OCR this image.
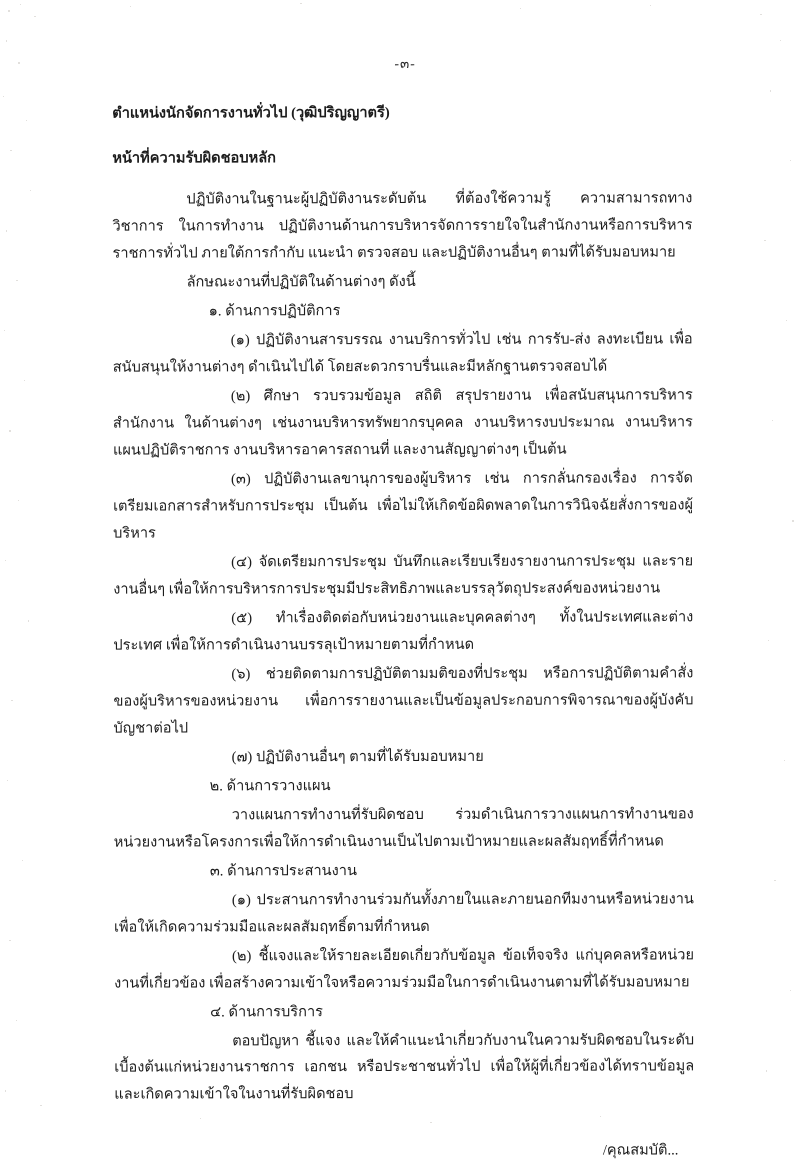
-๓-
ตำแหน่งนักจัดการงานทั่วไป (วุฒิปริญญาตรี)
หน้าที่ความรับผิดชอบหลัก

ปฏิบัติงานในฐานะผู้ปฏิบัติงานระดับต้น ที่ต้องใช้ความรู้ ความสามารถทางวิชาการ ในการทำงาน ปฏิบัติงานด้านการบริหารจัดการรายใจในสำนักงานหรือการบริหารราชการทั่วไป ภายใต้การกำกับ แนะนำ ตรวจสอบ และปฏิบัติงานอื่นๆ ตามที่ได้รับมอบหมาย

ลักษณะงานที่ปฏิบัติในด้านต่างๆ ดังนี้

๑. ด้านการปฏิบัติการ

(๑) ปฏิบัติงานสารบรรณ งานบริการทั่วไป เช่น การรับ-ส่ง ลงทะเบียน เพื่อสนับสนุนให้งานต่างๆ ดำเนินไปได้ โดยสะดวกราบรื่นและมีหลักฐานตรวจสอบได้

(๒) ศึกษา รวบรวมข้อมูล สถิติ สรุปรายงาน เพื่อสนับสนุนการบริหารสำนักงาน ในด้านต่างๆ เช่นงานบริหารทรัพยากรบุคคล งานบริหารงบประมาณ งานบริหารแผนปฏิบัติราชการ งานบริหารอาคารสถานที่ และงานสัญญาต่างๆ เป็นต้น

(๓) ปฏิบัติงานเลขานุการของผู้บริหาร เช่น การกลั่นกรองเรื่อง การจัดเตรียมเอกสารสำหรับการประชุม เป็นต้น เพื่อไม่ให้เกิดข้อผิดพลาดในการวินิจฉัยสั่งการของผู้บริหาร

(๔) จัดเตรียมการประชุม บันทึกและเรียบเรียงรายงานการประชุม และรายงานอื่นๆ เพื่อให้การบริหารการประชุมมีประสิทธิภาพและบรรลุวัตถุประสงค์ของหน่วยงาน

(๕) ทำเรื่องติดต่อกับหน่วยงานและบุคคลต่างๆ ทั้งในประเทศและต่างประเทศ เพื่อให้การดำเนินงานบรรลุเป้าหมายตามที่กำหนด

(๖) ช่วยติดตามการปฏิบัติตามมติของที่ประชุม หรือการปฏิบัติตามคำสั่งของผู้บริหารของหน่วยงาน เพื่อการรายงานและเป็นข้อมูลประกอบการพิจารณาของผู้บังคับบัญชาต่อไป

(๗) ปฏิบัติงานอื่นๆ ตามที่ได้รับมอบหมาย

๒. ด้านการวางแผน

วางแผนการทำงานที่รับผิดชอบ ร่วมดำเนินการวางแผนการทำงานของหน่วยงานหรือโครงการเพื่อให้การดำเนินงานเป็นไปตามเป้าหมายและผลสัมฤทธิ์ที่กำหนด

๓. ด้านการประสานงาน

(๑) ประสานการทำงานร่วมกันทั้งภายในและภายนอกทีมงานหรือหน่วยงาน เพื่อให้เกิดความร่วมมือและผลสัมฤทธิ์ตามที่กำหนด

(๒) ชี้แจงและให้รายละเอียดเกี่ยวกับข้อมูล ข้อเท็จจริง แก่บุคคลหรือหน่วยงานที่เกี่ยวข้อง เพื่อสร้างความเข้าใจหรือความร่วมมือในการดำเนินงานตามที่ได้รับมอบหมาย

๔. ด้านการบริการ

ตอบปัญหา ชี้แจง และให้คำแนะนำเกี่ยวกับงานในความรับผิดชอบในระดับเบื้องต้นแก่หน่วยงานราชการ เอกชน หรือประชาชนทั่วไป เพื่อให้ผู้ที่เกี่ยวข้องได้ทราบข้อมูลและเกิดความเข้าใจในงานที่รับผิดชอบ

/คุณสมบัติ...
